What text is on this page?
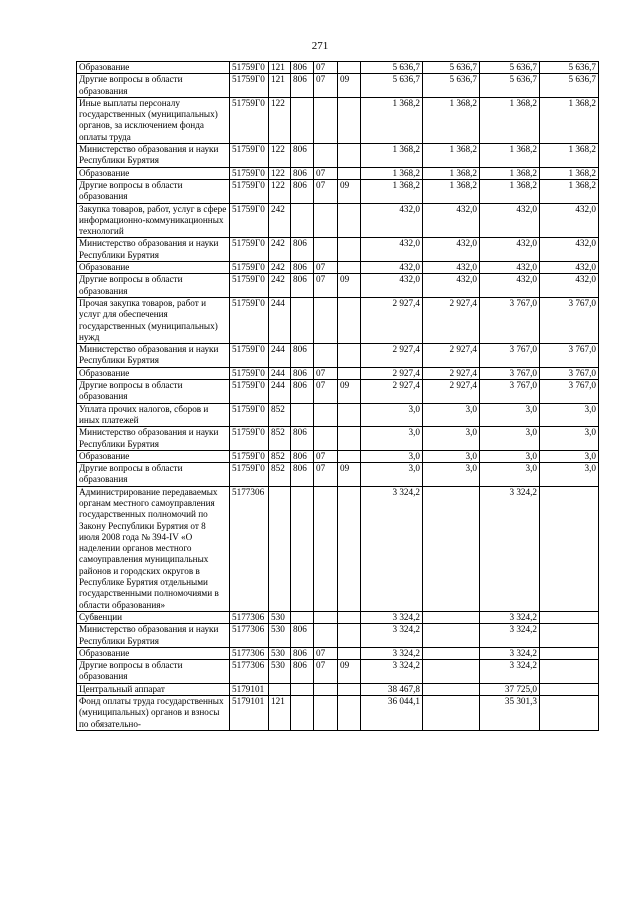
271
Образование	51759Г0	121	806	07		5 636,7	5 636,7	5 636,7	5 636,7
Другие вопросы в области образования	51759Г0	121	806	07	09	5 636,7	5 636,7	5 636,7	5 636,7
Иные выплаты персоналу государственных (муниципальных) органов, за исключением фонда оплаты труда	51759Г0	122				1 368,2	1 368,2	1 368,2	1 368,2
Министерство образования и науки Республики Бурятия	51759Г0	122	806			1 368,2	1 368,2	1 368,2	1 368,2
Образование	51759Г0	122	806	07		1 368,2	1 368,2	1 368,2	1 368,2
Другие вопросы в области образования	51759Г0	122	806	07	09	1 368,2	1 368,2	1 368,2	1 368,2
Закупка товаров, работ, услуг в сфере информационно-коммуникационных технологий	51759Г0	242				432,0	432,0	432,0	432,0
Министерство образования и науки Республики Бурятия	51759Г0	242	806			432,0	432,0	432,0	432,0
Образование	51759Г0	242	806	07		432,0	432,0	432,0	432,0
Другие вопросы в области образования	51759Г0	242	806	07	09	432,0	432,0	432,0	432,0
Прочая закупка товаров, работ и услуг для обеспечения государственных (муниципальных) нужд	51759Г0	244				2 927,4	2 927,4	3 767,0	3 767,0
Министерство образования и науки Республики Бурятия	51759Г0	244	806			2 927,4	2 927,4	3 767,0	3 767,0
Образование	51759Г0	244	806	07		2 927,4	2 927,4	3 767,0	3 767,0
Другие вопросы в области образования	51759Г0	244	806	07	09	2 927,4	2 927,4	3 767,0	3 767,0
Уплата прочих налогов, сборов и иных платежей	51759Г0	852				3,0	3,0	3,0	3,0
Министерство образования и науки Республики Бурятия	51759Г0	852	806			3,0	3,0	3,0	3,0
Образование	51759Г0	852	806	07		3,0	3,0	3,0	3,0
Другие вопросы в области образования	51759Г0	852	806	07	09	3,0	3,0	3,0	3,0
Администрирование передаваемых органам местного самоуправления государственных полномочий по Закону Республики Бурятия от 8 июля 2008 года № 394-IV «О наделении органов местного самоуправления муниципальных районов и городских округов в Республике Бурятия отдельными государственными полномочиями в области образования»	5177306					3 324,2		3 324,2	
Субвенции	5177306	530				3 324,2		3 324,2	
Министерство образования и науки Республики Бурятия	5177306	530	806			3 324,2		3 324,2	
Образование	5177306	530	806	07		3 324,2		3 324,2	
Другие вопросы в области образования	5177306	530	806	07	09	3 324,2		3 324,2	
Центральный аппарат	5179101					38 467,8		37 725,0	
Фонд оплаты труда государственных (муниципальных) органов и взносы по обязательно-	5179101	121				36 044,1		35 301,3	
